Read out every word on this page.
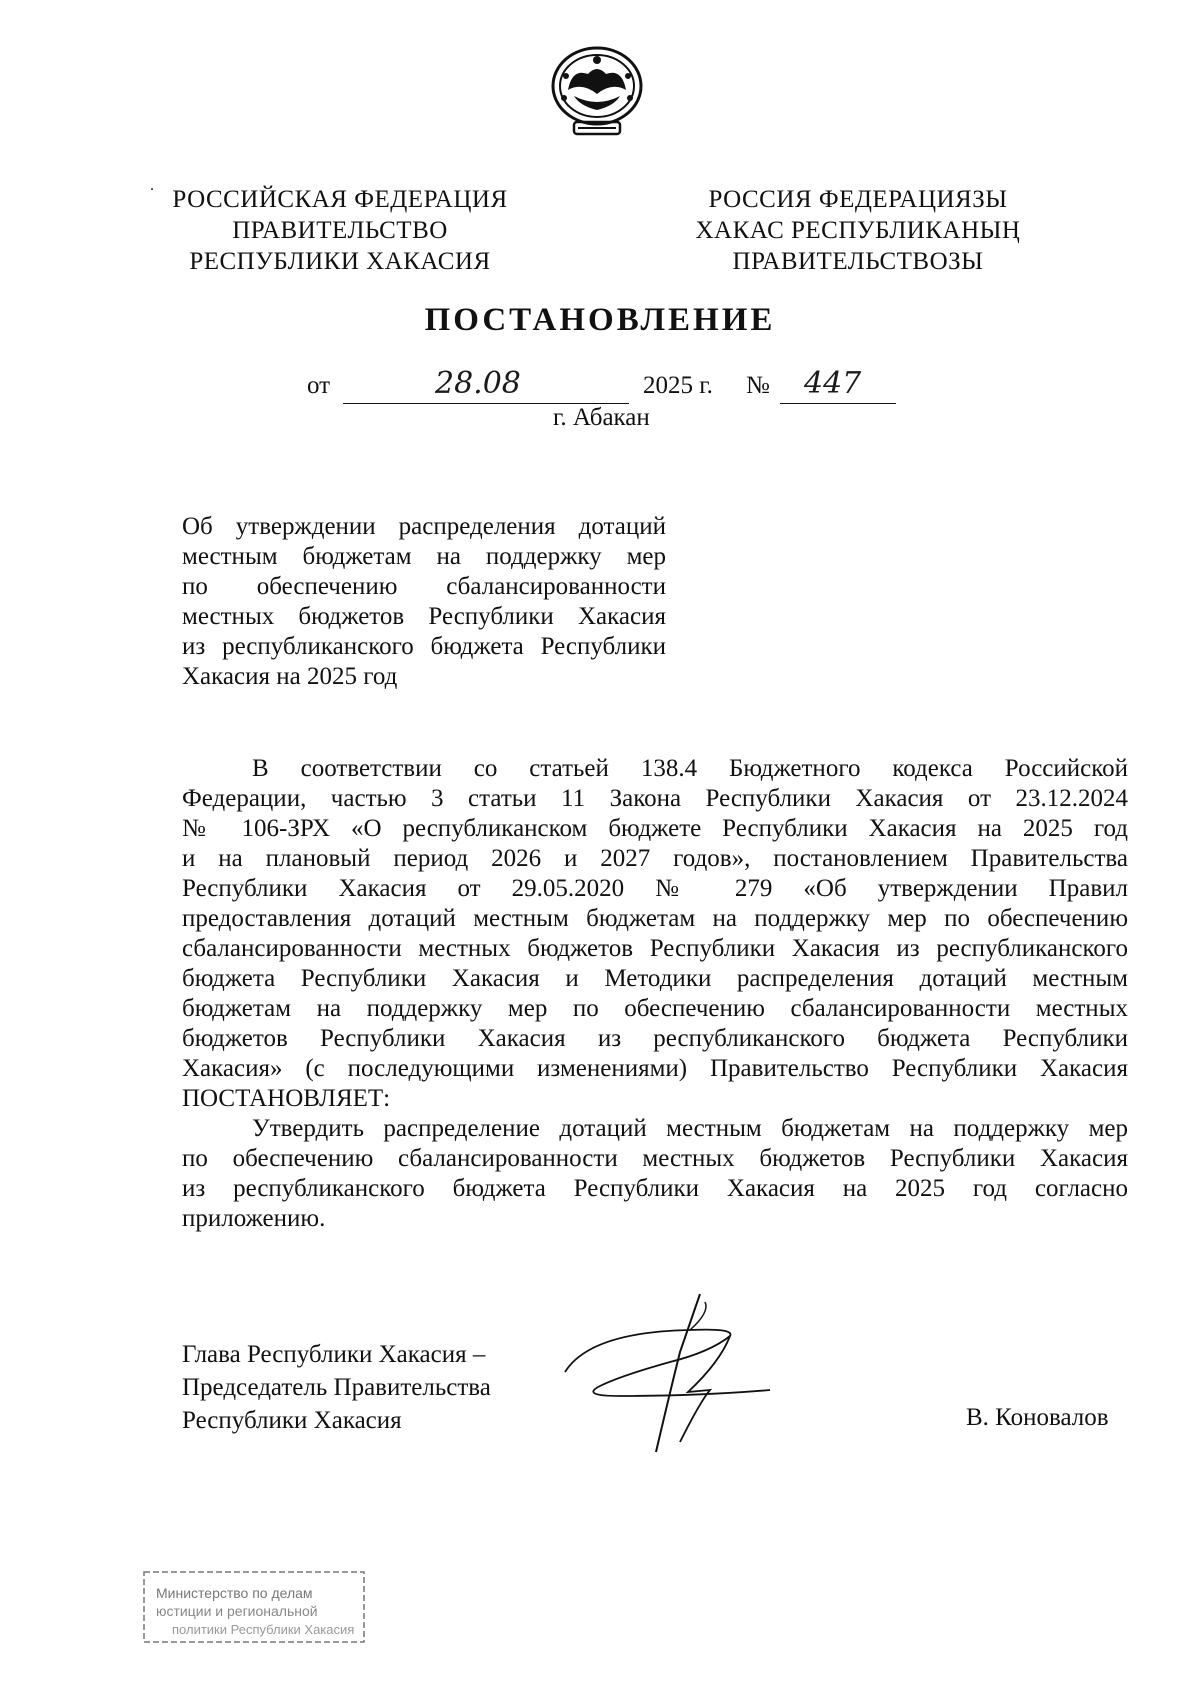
˙ РОССИЙСКАЯ ФЕДЕРАЦИЯ
ПРАВИТЕЛЬСТВО
РЕСПУБЛИКИ ХАКАСИЯ
РОССИЯ ФЕДЕРАЦИЯЗЫ
ХАКАС РЕСПУБЛИКАНЫҢ
ПРАВИТЕЛЬСТВОЗЫ
ПОСТАНОВЛЕНИЕ
от	28.08	2025 г. № 447
г. Абакан
Об утверждении распределения дотаций
местным бюджетам на поддержку мер
по обеспечению сбалансированности
местных бюджетов Республики Хакасия
из республиканского бюджета Республики
Хакасия на 2025 год
В соответствии со статьей 138.4 Бюджетного кодекса Российской
Федерации, частью 3 статьи 11 Закона Республики Хакасия от 23.12.2024
№ 106-ЗРХ «О республиканском бюджете Республики Хакасия на 2025 год
и на плановый период 2026 и 2027 годов», постановлением Правительства
Республики Хакасия от 29.05.2020 № 279 «Об утверждении Правил
предоставления дотаций местным бюджетам на поддержку мер по обеспечению
сбалансированности местных бюджетов Республики Хакасия из республиканского
бюджета Республики Хакасия и Методики распределения дотаций местным
бюджетам на поддержку мер по обеспечению сбалансированности местных
бюджетов Республики Хакасия из республиканского бюджета Республики
Хакасия» (с последующими изменениями) Правительство Республики Хакасия
ПОСТАНОВЛЯЕТ:
Утвердить распределение дотаций местным бюджетам на поддержку мер
по обеспечению сбалансированности местных бюджетов Республики Хакасия
из республиканского бюджета Республики Хакасия на 2025 год согласно
приложению.
Глава Республики Хакасия –
Председатель Правительства
Республики Хакасия	В. Коновалов
Министерство по делам
юстиции и региональной
политики Республики Хакасия
